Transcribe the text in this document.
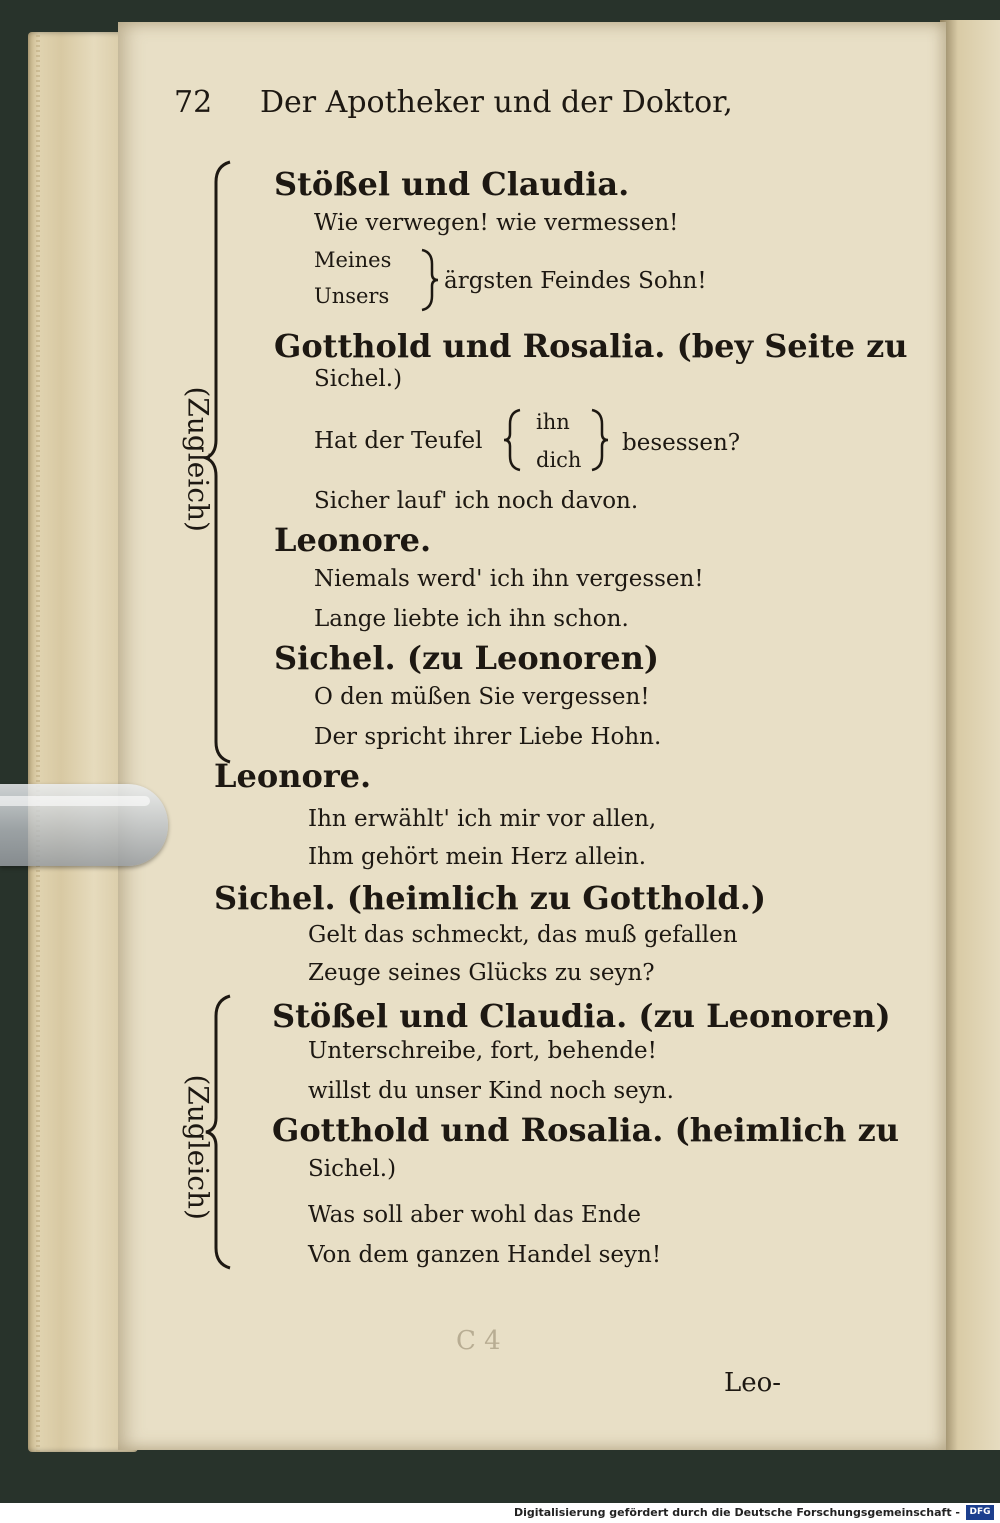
72 Der Apotheker und der Doktor,
(Zugleich)
Stößel und Claudia.
Wie verwegen! wie vermessen!
Meines
Unsers
ärgsten Feindes Sohn!
Gotthold und Rosalia. (bey Seite zu
Sichel.)
Hat der Teufel
ihn
dich
besessen?
Sicher lauf' ich noch davon.
Leonore.
Niemals werd' ich ihn vergessen!
Lange liebte ich ihn schon.
Sichel. (zu Leonoren)
O den müßen Sie vergessen!
Der spricht ihrer Liebe Hohn.
Leonore.
Ihn erwählt' ich mir vor allen,
Ihm gehört mein Herz allein.
Sichel. (heimlich zu Gotthold.)
Gelt das schmeckt, das muß gefallen
Zeuge seines Glücks zu seyn?
(Zugleich)
Stößel und Claudia. (zu Leonoren)
Unterschreibe, fort, behende!
willst du unser Kind noch seyn.
Gotthold und Rosalia. (heimlich zu
Sichel.)
Was soll aber wohl das Ende
Von dem ganzen Handel seyn!
C 4
Leo-
Digitalisierung gefördert durch die Deutsche Forschungsgemeinschaft -	DFG
